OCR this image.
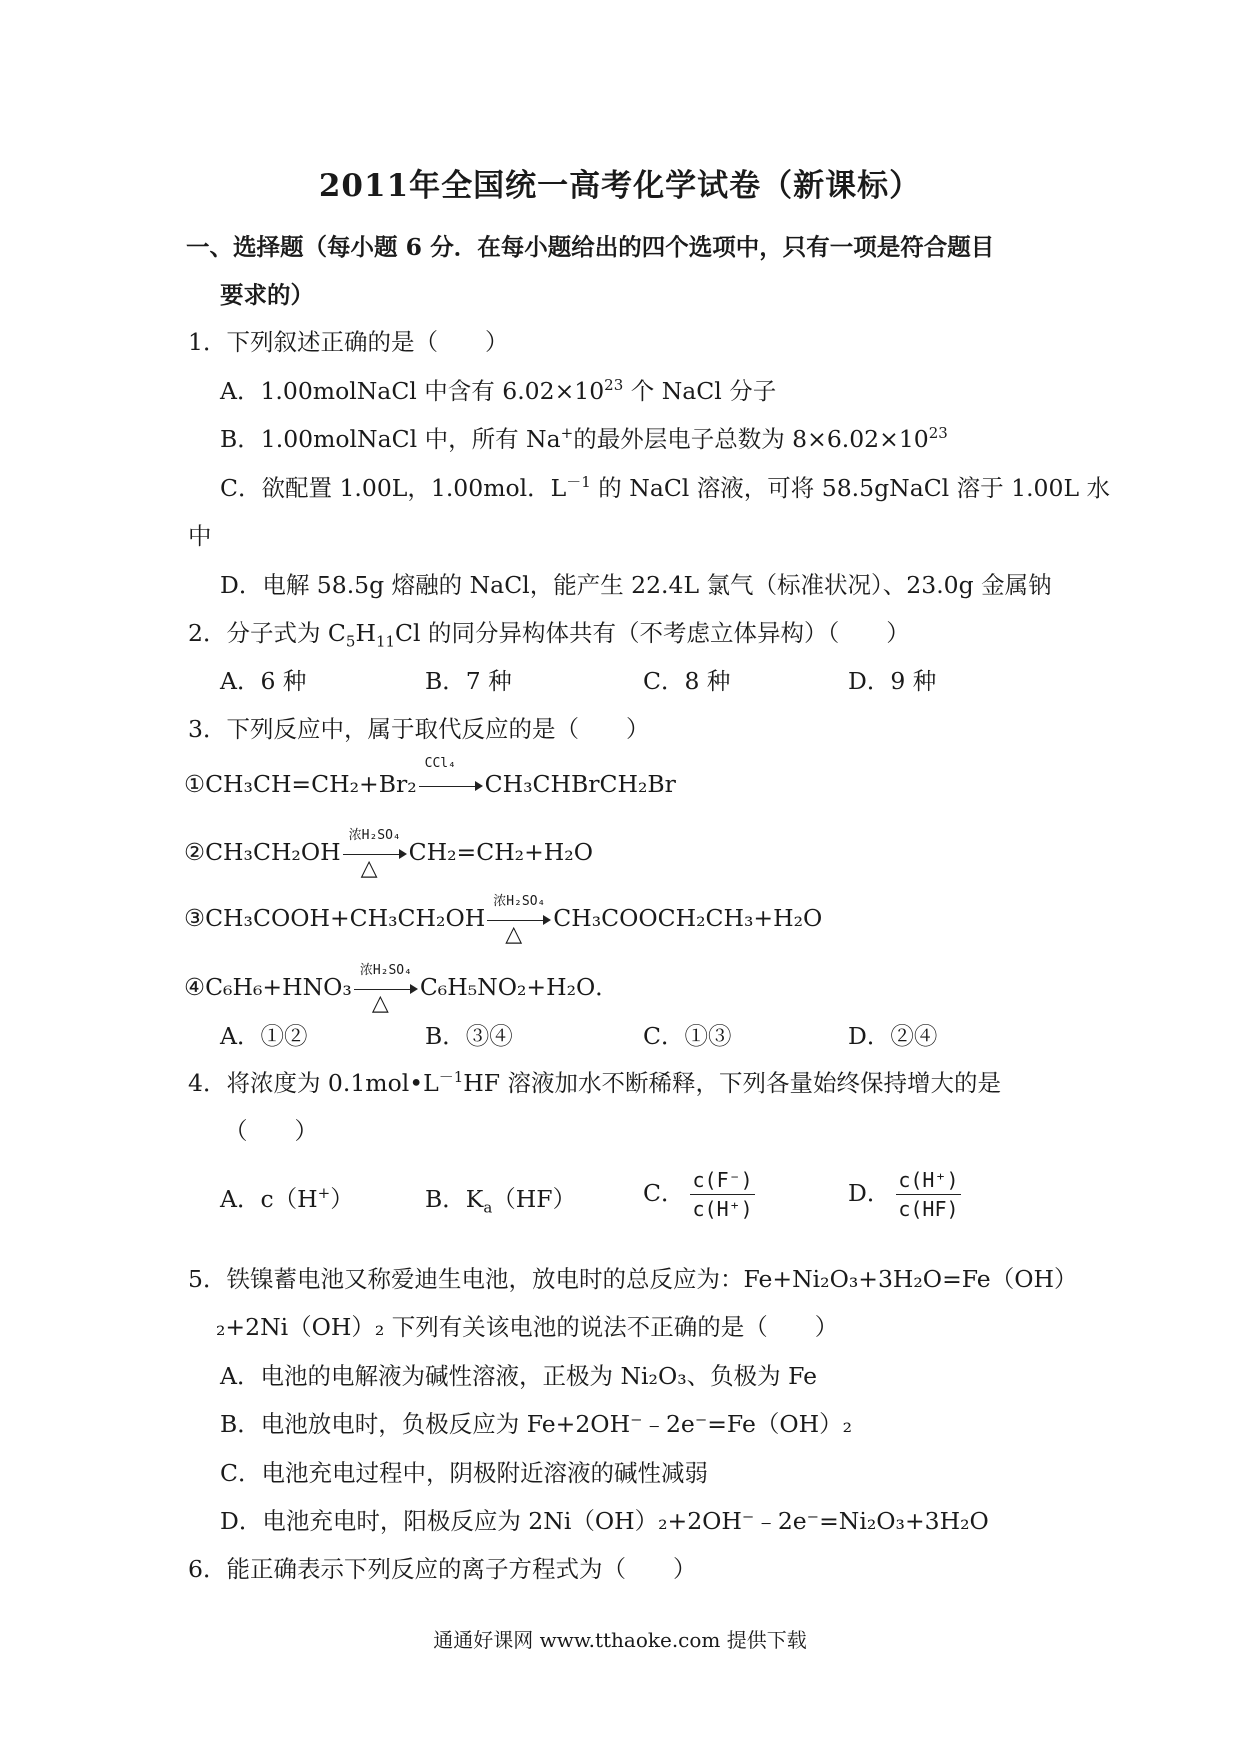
2011年全国统一高考化学试卷（新课标）
一、选择题（每小题 6 分．在每小题给出的四个选项中，只有一项是符合题目
要求的）
1．下列叙述正确的是（　　）
A．1.00molNaCl 中含有 $6.02\times 10^{23}$ 个 NaCl 分子
B．1.00molNaCl 中，所有 Na+的最外层电子总数为 $8\times 6.02\times 10^{23}$
C．欲配置 1.00L，1.00mol．$L^{-1}$ 的 NaCl 溶液，可将 58.5gNaCl 溶于 1.00L 水
中
D．电解 58.5g 熔融的 NaCl，能产生 22.4L 氯气（标准状况）、23.0g 金属钠
2．分子式为 $C_5H_{11}Cl$ 的同分异构体共有（不考虑立体异构）（　　）
A．6 种	B．7 种	C．8 种	D．9 种
3．下列反应中，属于取代反应的是（　　）
①CH₃CH=CH₂+Br₂
CCl₄
CH₃CHBrCH₂Br
②CH₃CH₂OH
浓H₂SO₄
△
CH₂=CH₂+H₂O
③CH₃COOH+CH₃CH₂OH
浓H₂SO₄
△
CH₃COOCH₂CH₃+H₂O
④C₆H₆+HNO₃
浓H₂SO₄
△
C₆H₅NO₂+H₂O．
A．①②	B．③④	C．①③	D．②④
4．将浓度为 $0.1mol•L^{-1}HF$ 溶液加水不断稀释，下列各量始终保持增大的是
（　　）
A．c（H+）	B．$K_a(HF)$	C． $\frac{c(F^-)}{c(H^+)}$	D． $\frac{c(H^+)}{c(HF)}$
5．铁镍蓄电池又称爱迪生电池，放电时的总反应为：Fe+Ni₂O₃+3H₂O=Fe（OH）
₂+2Ni（OH）₂ 下列有关该电池的说法不正确的是（　　）
A．电池的电解液为碱性溶液，正极为 Ni₂O₃、负极为 Fe
B．电池放电时，负极反应为 Fe+2OH⁻﹣2e⁻=Fe（OH）₂
C．电池充电过程中，阴极附近溶液的碱性减弱
D．电池充电时，阳极反应为 2Ni（OH）₂+2OH⁻﹣2e⁻=Ni₂O₃+3H₂O
6．能正确表示下列反应的离子方程式为（　　）
通通好课网 www.tthaoke.com 提供下载
